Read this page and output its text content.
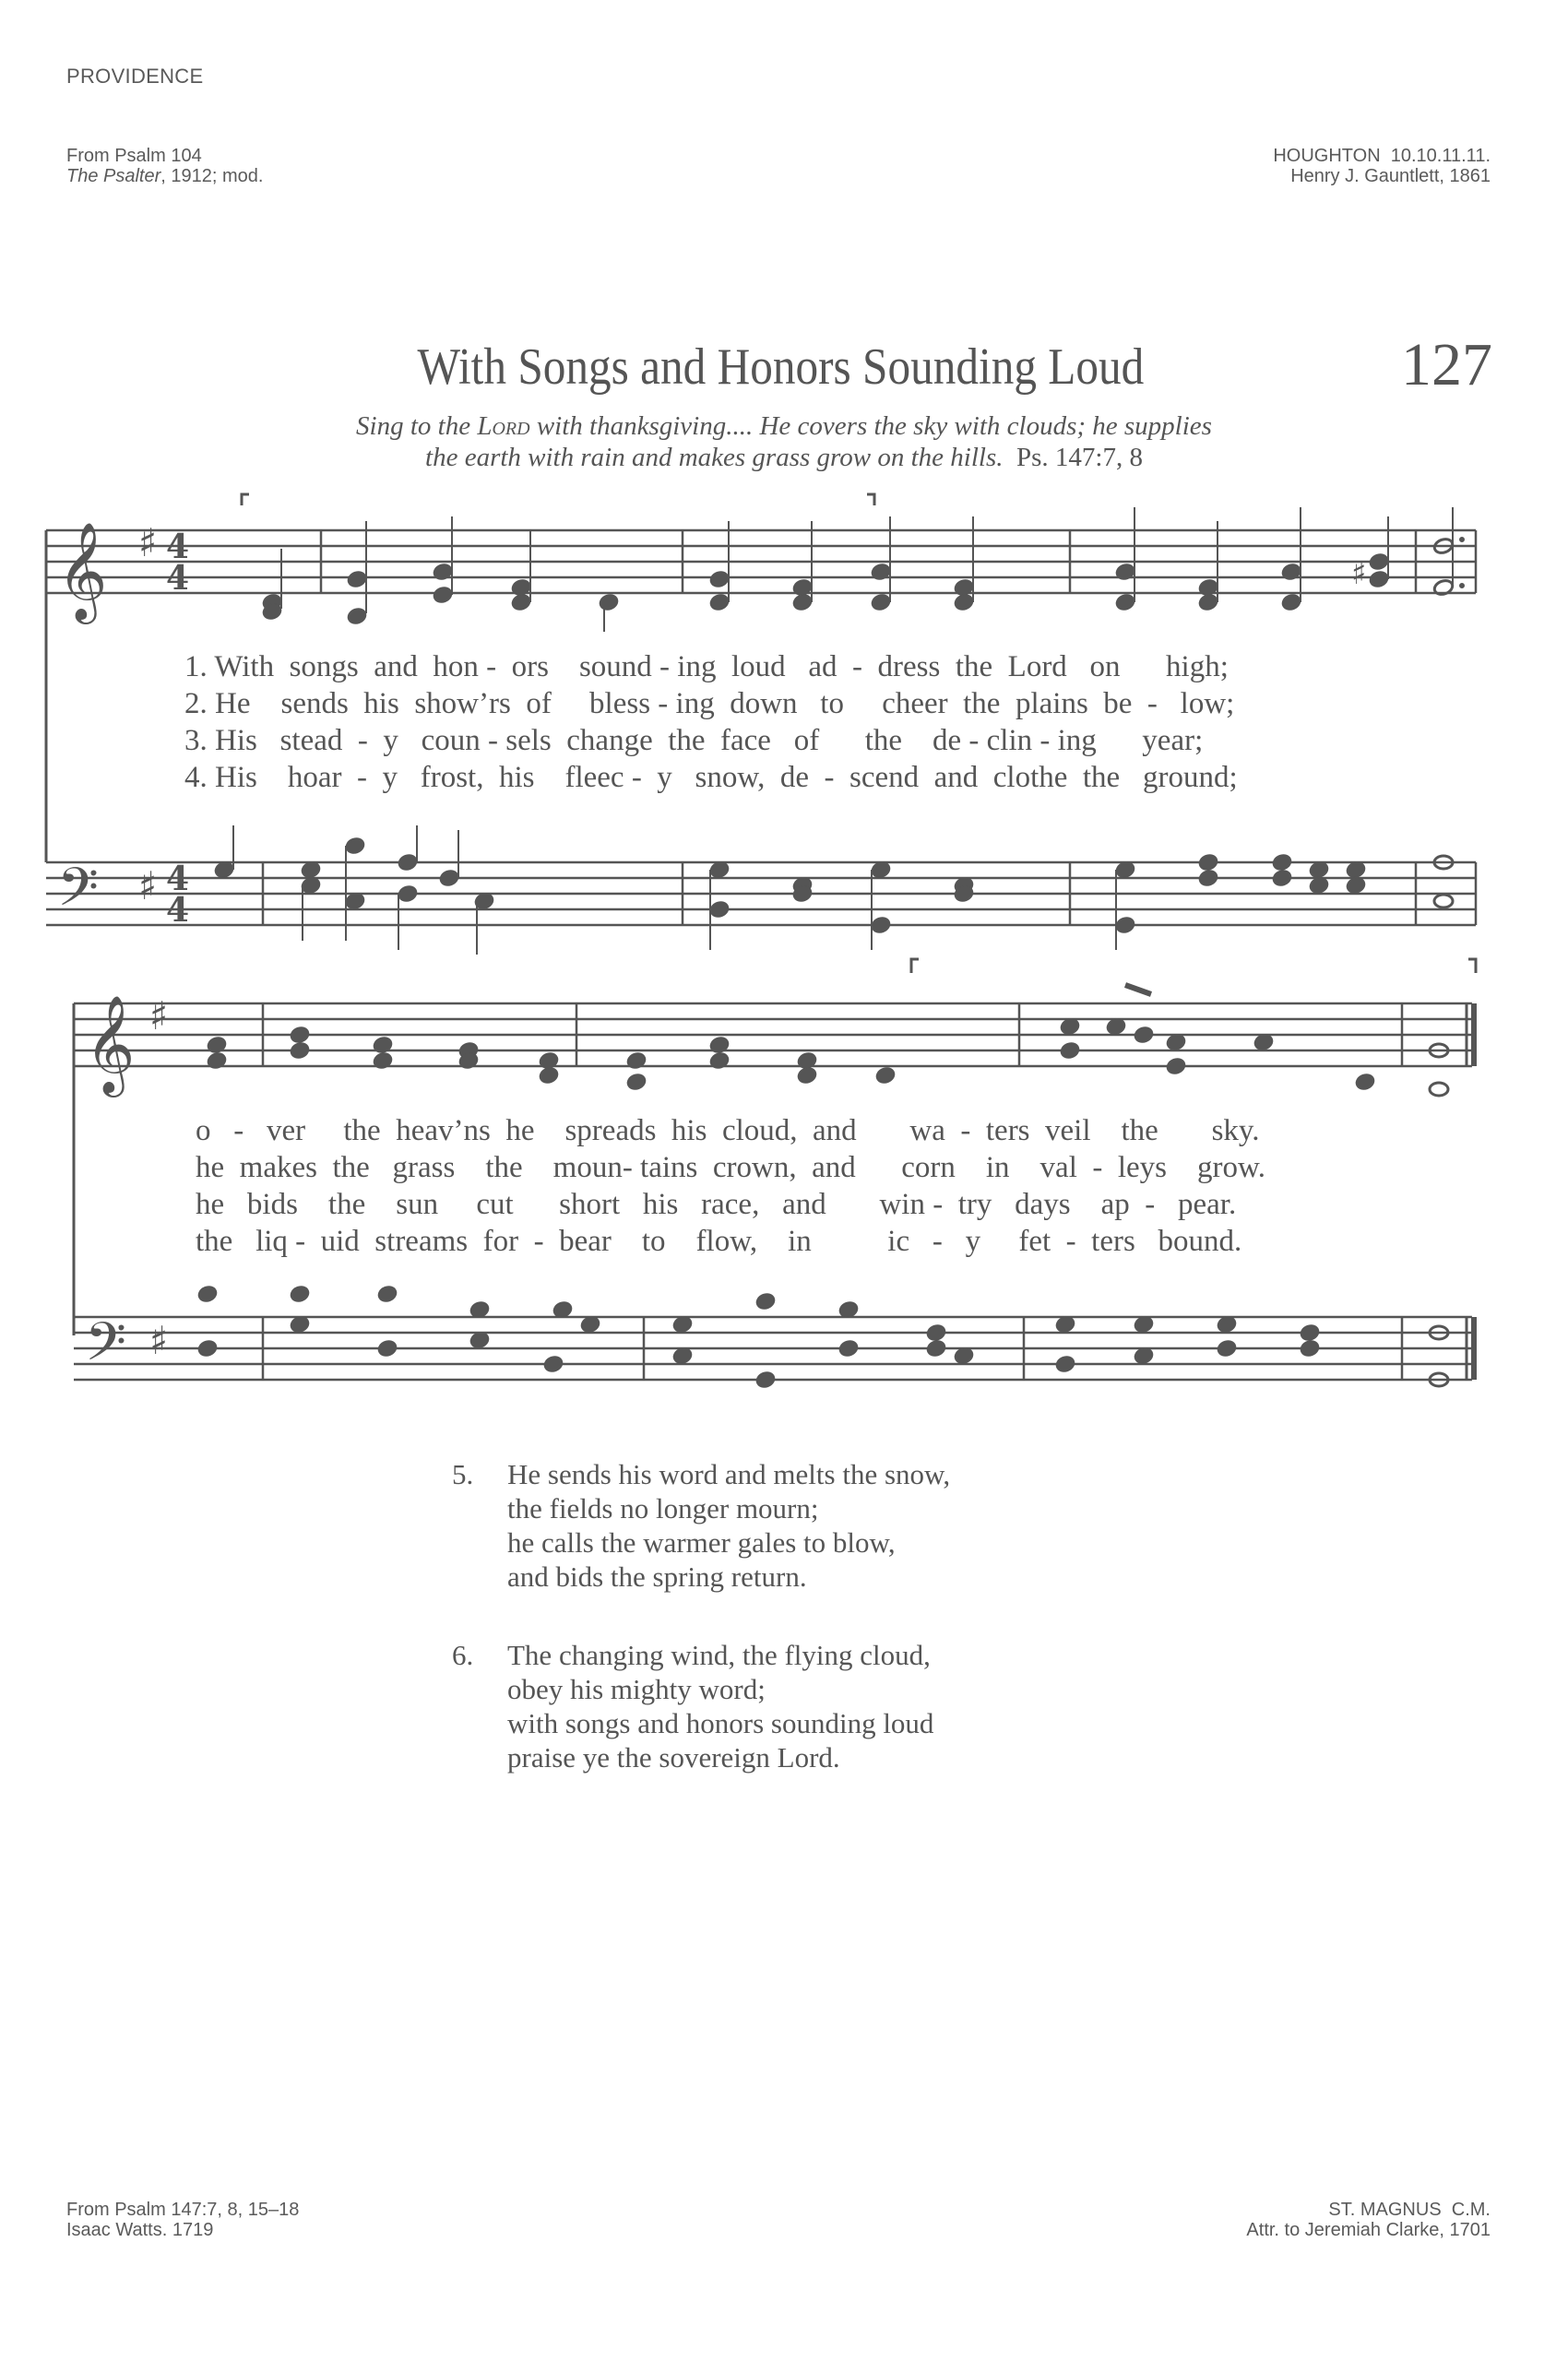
PROVIDENCE
From Psalm 104
The Psalter, 1912; mod.
HOUGHTON  10.10.11.11.
Henry J. Gauntlett, 1861
With Songs and Honors Sounding Loud	127
Sing to the Lord with thanksgiving.... He covers the sky with clouds; he supplies
the earth with rain and makes grass grow on the hills. Ps. 147:7, 8
𝄞 ♯ 4
4	♯
𝄢 ♯ 4
4
𝄞 ♯
𝄢 ♯
1. With  songs  and  hon -  ors    sound - ing  loud   ad  -  dress  the  Lord   on      high;
2. He    sends  his  show’rs  of     bless - ing  down   to     cheer  the  plains  be  -   low;
3. His   stead  -  y   coun - sels  change  the  face   of      the    de - clin - ing      year;
4. His    hoar  -  y   frost,  his    fleec -  y   snow,  de  -  scend  and  clothe  the   ground;
o   -   ver     the  heav’ns  he    spreads  his  cloud,  and       wa  -  ters  veil    the       sky.
he  makes  the   grass    the    moun- tains  crown,  and      corn    in    val  -  leys    grow.
he   bids    the    sun     cut      short   his   race,   and       win -  try   days    ap  -   pear.
the   liq -  uid  streams  for  -  bear    to    flow,    in          ic   -   y     fet  -  ters   bound.
5. He sends his word and melts the snow,
the fields no longer mourn;
he calls the warmer gales to blow,
and bids the spring return.
6. The changing wind, the flying cloud,
obey his mighty word;
with songs and honors sounding loud
praise ye the sovereign Lord.
From Psalm 147:7, 8, 15–18
Isaac Watts. 1719
ST. MAGNUS  C.M.
Attr. to Jeremiah Clarke, 1701
